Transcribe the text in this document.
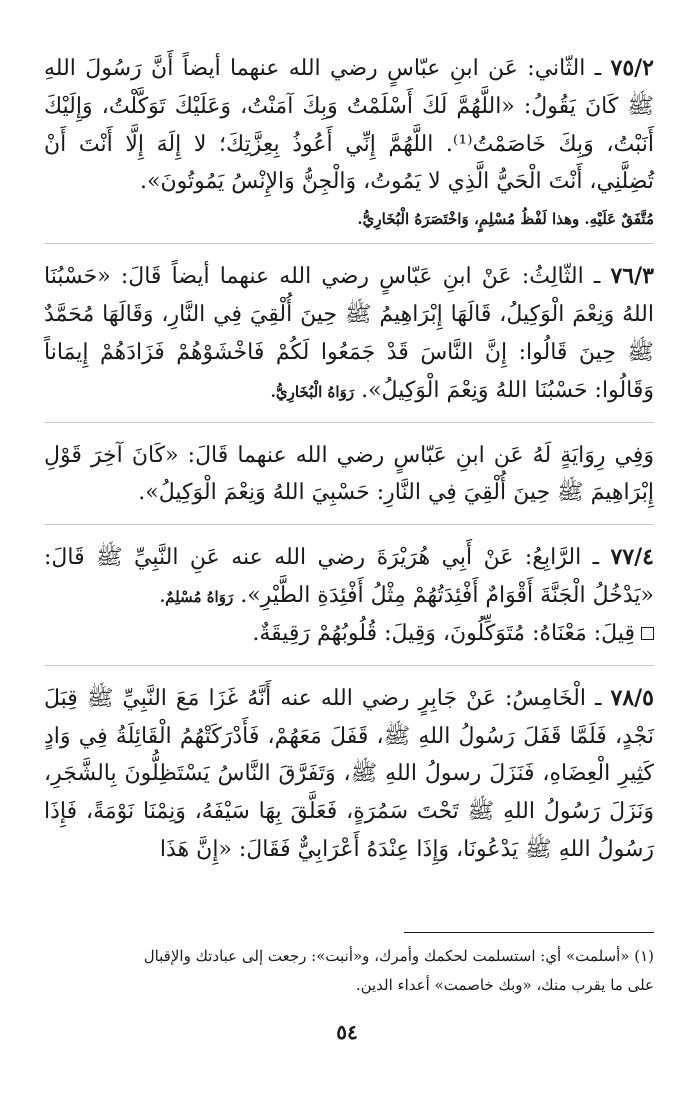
٧٥/٢ ـ الثّاني: عَن ابنِ عبّاسٍ رضي الله عنهما أيضاً أَنَّ رَسُولَ اللهِ ﷺ كَانَ يَقُولُ: «اللَّهُمَّ لَكَ أَسْلَمْتُ وَبِكَ آمَنْتُ، وَعَلَيْكَ تَوَكَّلْتُ، وَإِلَيْكَ أَنَبْتُ، وَبِكَ خَاصَمْتُ⁽¹⁾. اللَّهُمَّ إِنِّي أَعُوذُ بِعِزَّتِكَ؛ لا إِلَهَ إِلَّا أَنْتَ أَنْ تُضِلَّنِي، أَنْتَ الْحَيُّ الَّذِي لا يَمُوتُ، وَالْجِنُّ وَالإِنْسُ يَمُوتُونَ».

مُتَّفَقٌ عَلَيْهِ. وهذا لَفْظُ مُسْلِمٍ، وَاخْتَصَرَهُ الْبُخَارِيُّ.

٧٦/٣ ـ الثّالِثُ: عَنْ ابنِ عَبّاسٍ رضي الله عنهما أيضاً قَالَ: «حَسْبُنَا اللهُ وَنِعْمَ الْوَكِيلُ، قَالَهَا إِبْرَاهِيمُ ﷺ حِينَ أُلْقِيَ فِي النَّارِ، وَقَالَهَا مُحَمَّدٌ ﷺ حِينَ قَالُوا: إِنَّ النَّاسَ قَدْ جَمَعُوا لَكُمْ فَاخْشَوْهُمْ فَزَادَهُمْ إِيمَاناً وَقَالُوا: حَسْبُنَا اللهُ وَنِعْمَ الْوَكِيلُ». رَوَاهُ الْبُخَارِيُّ.

وَفِي رِوَايَةٍ لَهُ عَن ابنِ عَبّاسٍ رضي الله عنهما قَالَ: «كَانَ آخِرَ قَوْلِ إِبْرَاهِيمَ ﷺ حِينَ أُلْقِيَ فِي النَّارِ: حَسْبِيَ اللهُ وَنِعْمَ الْوَكِيلُ».

٧٧/٤ ـ الرَّابِعُ: عَنْ أَبِي هُرَيْرَةَ رضي الله عنه عَنِ النَّبِيِّ ﷺ قَالَ: «يَدْخُلُ الْجَنَّةَ أَقْوَامٌ أَفْئِدَتُهُمْ مِثْلُ أَفْئِدَةِ الطَّيْرِ». رَوَاهُ مُسْلِمٌ.

قِيلَ: مَعْنَاهُ: مُتَوَكِّلُونَ، وَقِيلَ: قُلُوبُهُمْ رَقِيقَةٌ.

٧٨/٥ ـ الْخَامِسُ: عَنْ جَابِرٍ رضي الله عنه أَنَّهُ غَزَا مَعَ النَّبِيِّ ﷺ قِبَلَ نَجْدٍ، فَلَمَّا قَفَلَ رَسُولُ اللهِ ﷺ، قَفَلَ مَعَهُمْ، فَأَدْرَكَتْهُمُ الْقَائِلَةُ فِي وَادٍ كَثِيرِ الْعِضَاهِ، فَنَزَلَ رسولُ اللهِ ﷺ، وَتَفَرَّقَ النَّاسُ يَسْتَظِلُّونَ بِالشَّجَرِ، وَنَزَلَ رَسُولُ اللهِ ﷺ تَحْتَ سَمُرَةٍ، فَعَلَّقَ بِهَا سَيْفَهُ، وَنِمْنَا نَوْمَةً، فَإِذَا رَسُولُ اللهِ ﷺ يَدْعُونَا، وَإِذَا عِنْدَهُ أَعْرَابِيٌّ فَقَالَ: «إِنَّ هَذَا

(١) «أسلمت» أي: استسلمت لحكمك وأمرك، و«أنبت»: رجعت إلى عبادتك والإقبال
على ما يقرب منك، «وبك خاصمت» أعداء الدين.
٥٤
